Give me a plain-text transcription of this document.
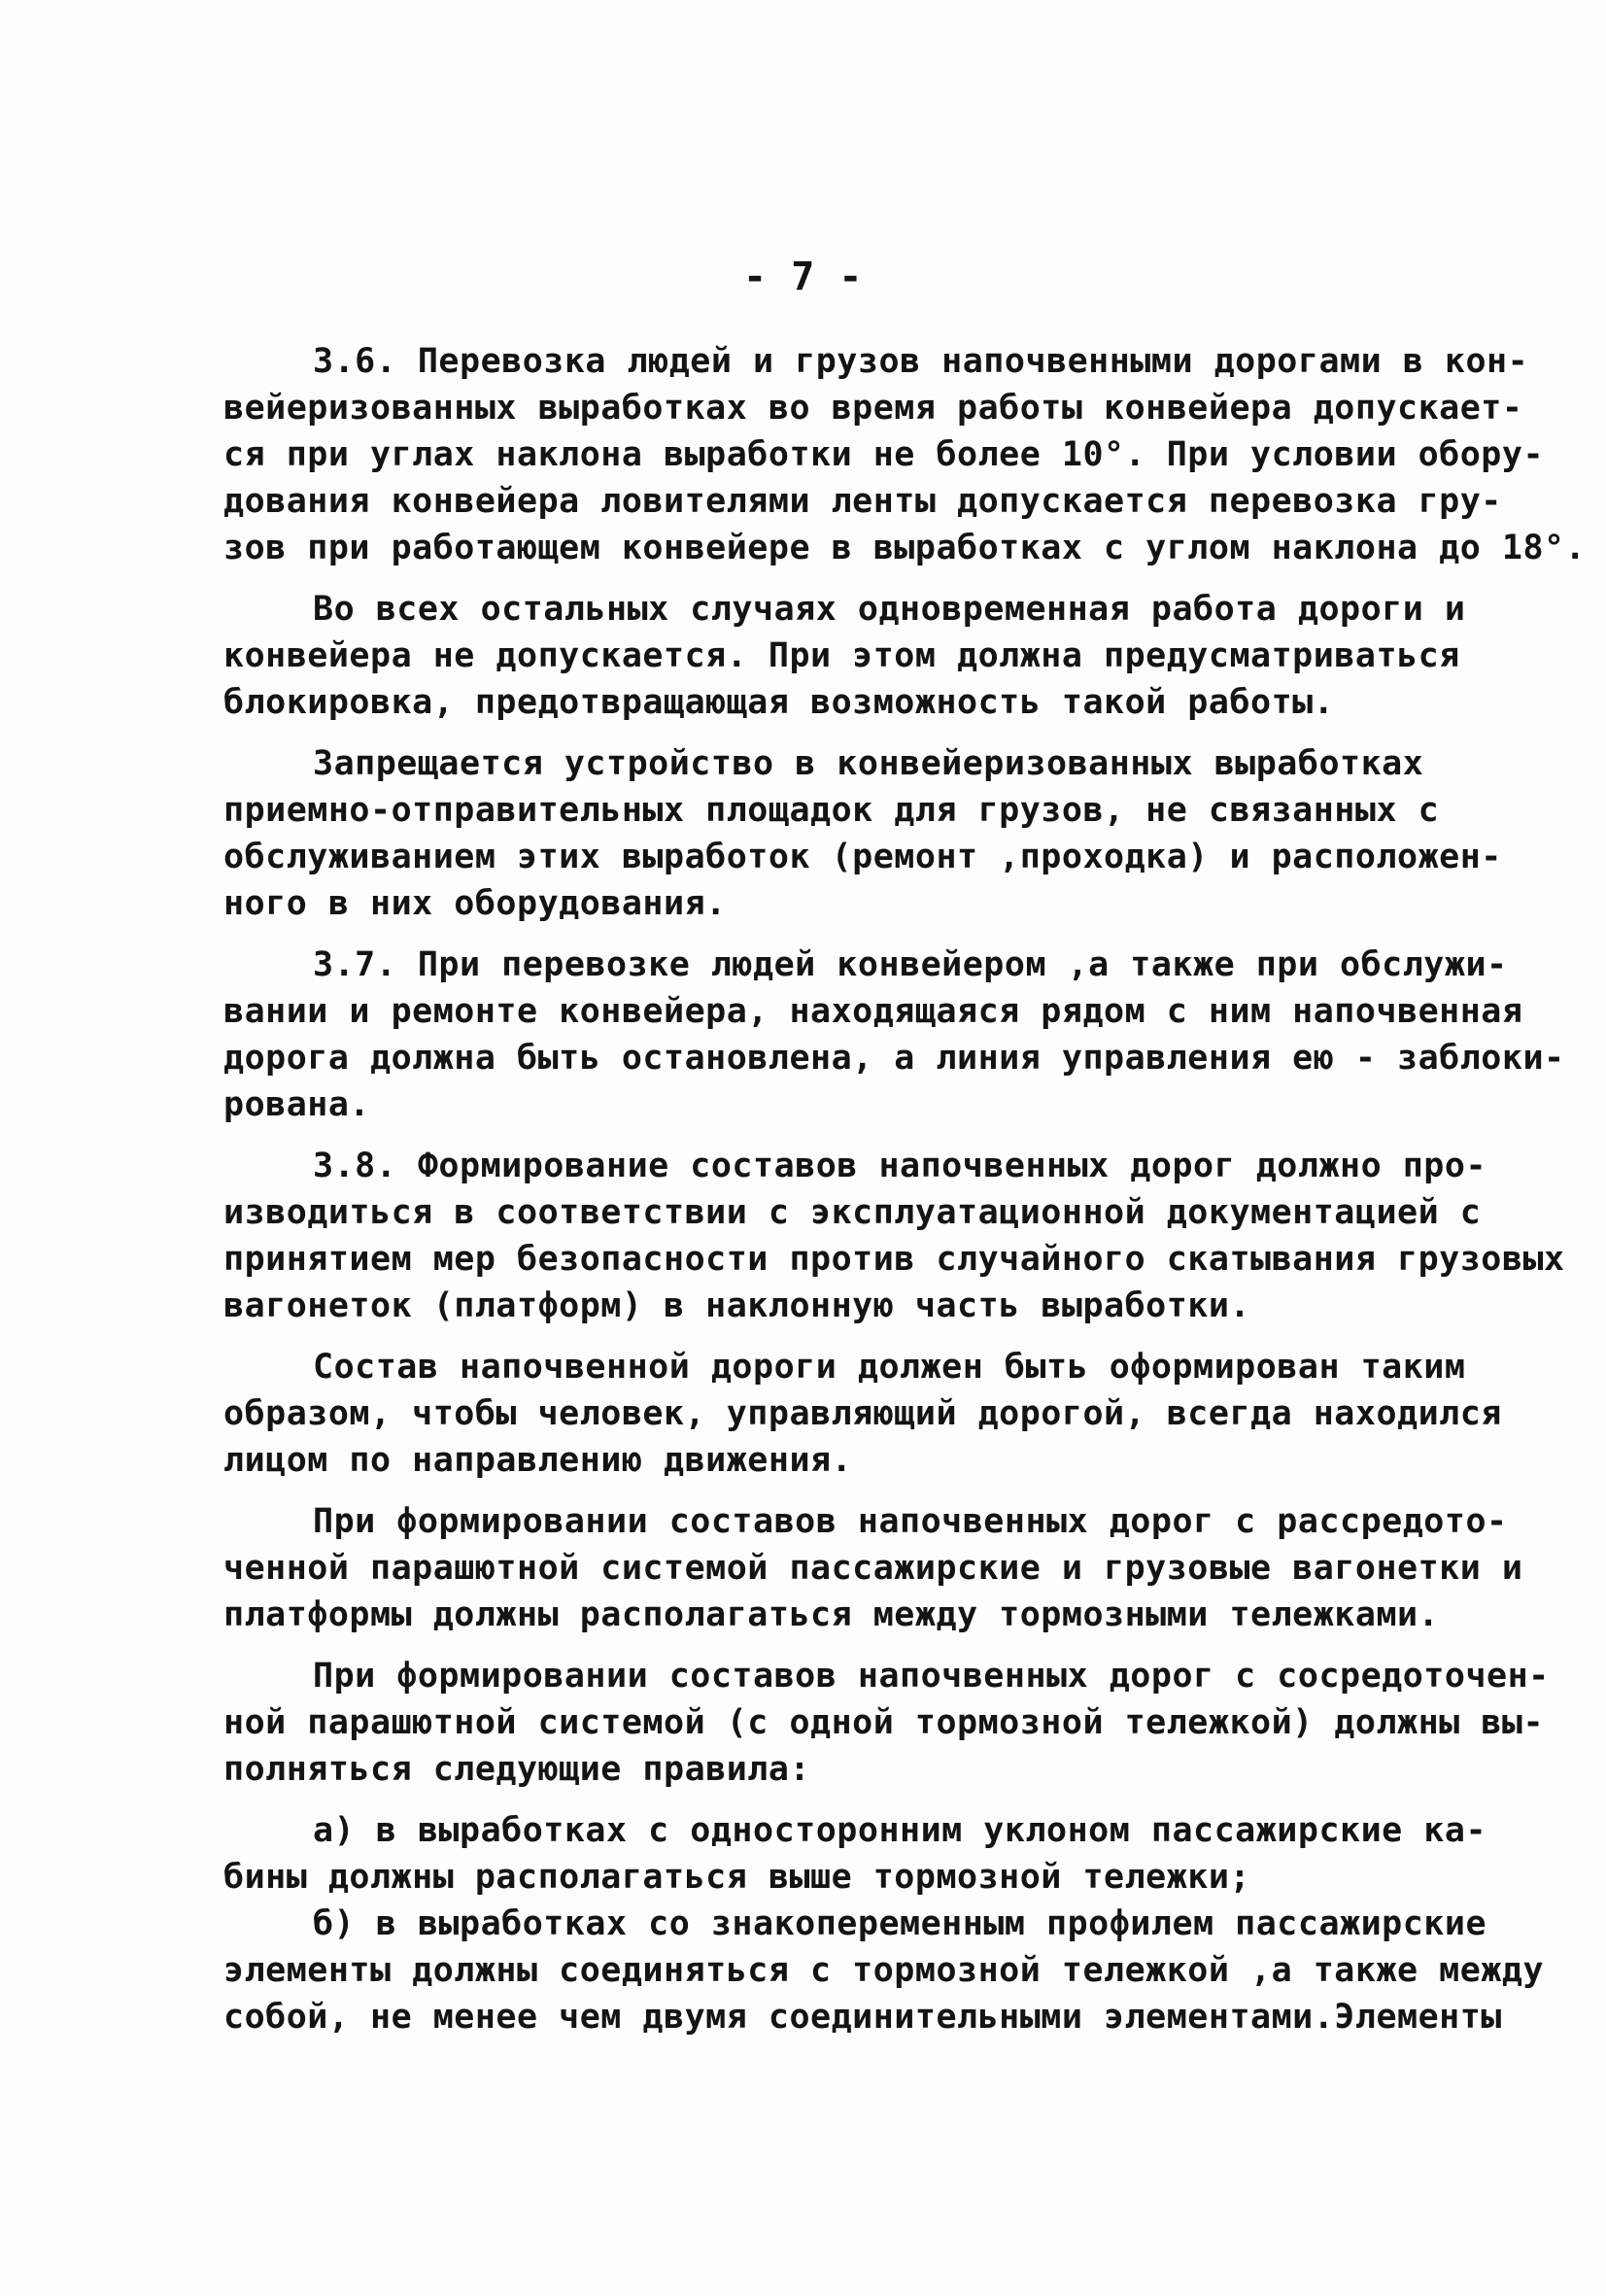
- 7 -
3.6. Перевозка людей и грузов напочвенными дорогами в кон-
вейеризованных выработках во время работы конвейера допускает-
ся при углах наклона выработки не более 10°. При условии обору-
дования конвейера ловителями ленты допускается перевозка гру-
зов при работающем конвейере в выработках с углом наклона до 18°.
Во всех остальных случаях одновременная работа дороги и
конвейера не допускается. При этом должна предусматриваться
блокировка, предотвращающая возможность такой работы.
Запрещается устройство в конвейеризованных выработках
приемно-отправительных площадок для грузов, не связанных с
обслуживанием этих выработок (ремонт ,проходка) и расположен-
ного в них оборудования.
3.7. При перевозке людей конвейером ,а также при обслужи-
вании и ремонте конвейера, находящаяся рядом с ним напочвенная
дорога должна быть остановлена, а линия управления ею - заблоки-
рована.
3.8. Формирование составов напочвенных дорог должно про-
изводиться в соответствии с эксплуатационной документацией с
принятием мер безопасности против случайного скатывания грузовых
вагонеток (платформ) в наклонную часть выработки.
Состав напочвенной дороги должен быть оформирован таким
образом, чтобы человек, управляющий дорогой, всегда находился
лицом по направлению движения.
При формировании составов напочвенных дорог с рассредото-
ченной парашютной системой пассажирские и грузовые вагонетки и
платформы должны располагаться между тормозными тележками.
При формировании составов напочвенных дорог с сосредоточен-
ной парашютной системой (с одной тормозной тележкой) должны вы-
полняться следующие правила:
а) в выработках с односторонним уклоном пассажирские ка-
бины должны располагаться выше тормозной тележки;
б) в выработках со знакопеременным профилем пассажирские
элементы должны соединяться с тормозной тележкой ,а также между
собой, не менее чем двумя соединительными элементами.Элементы
